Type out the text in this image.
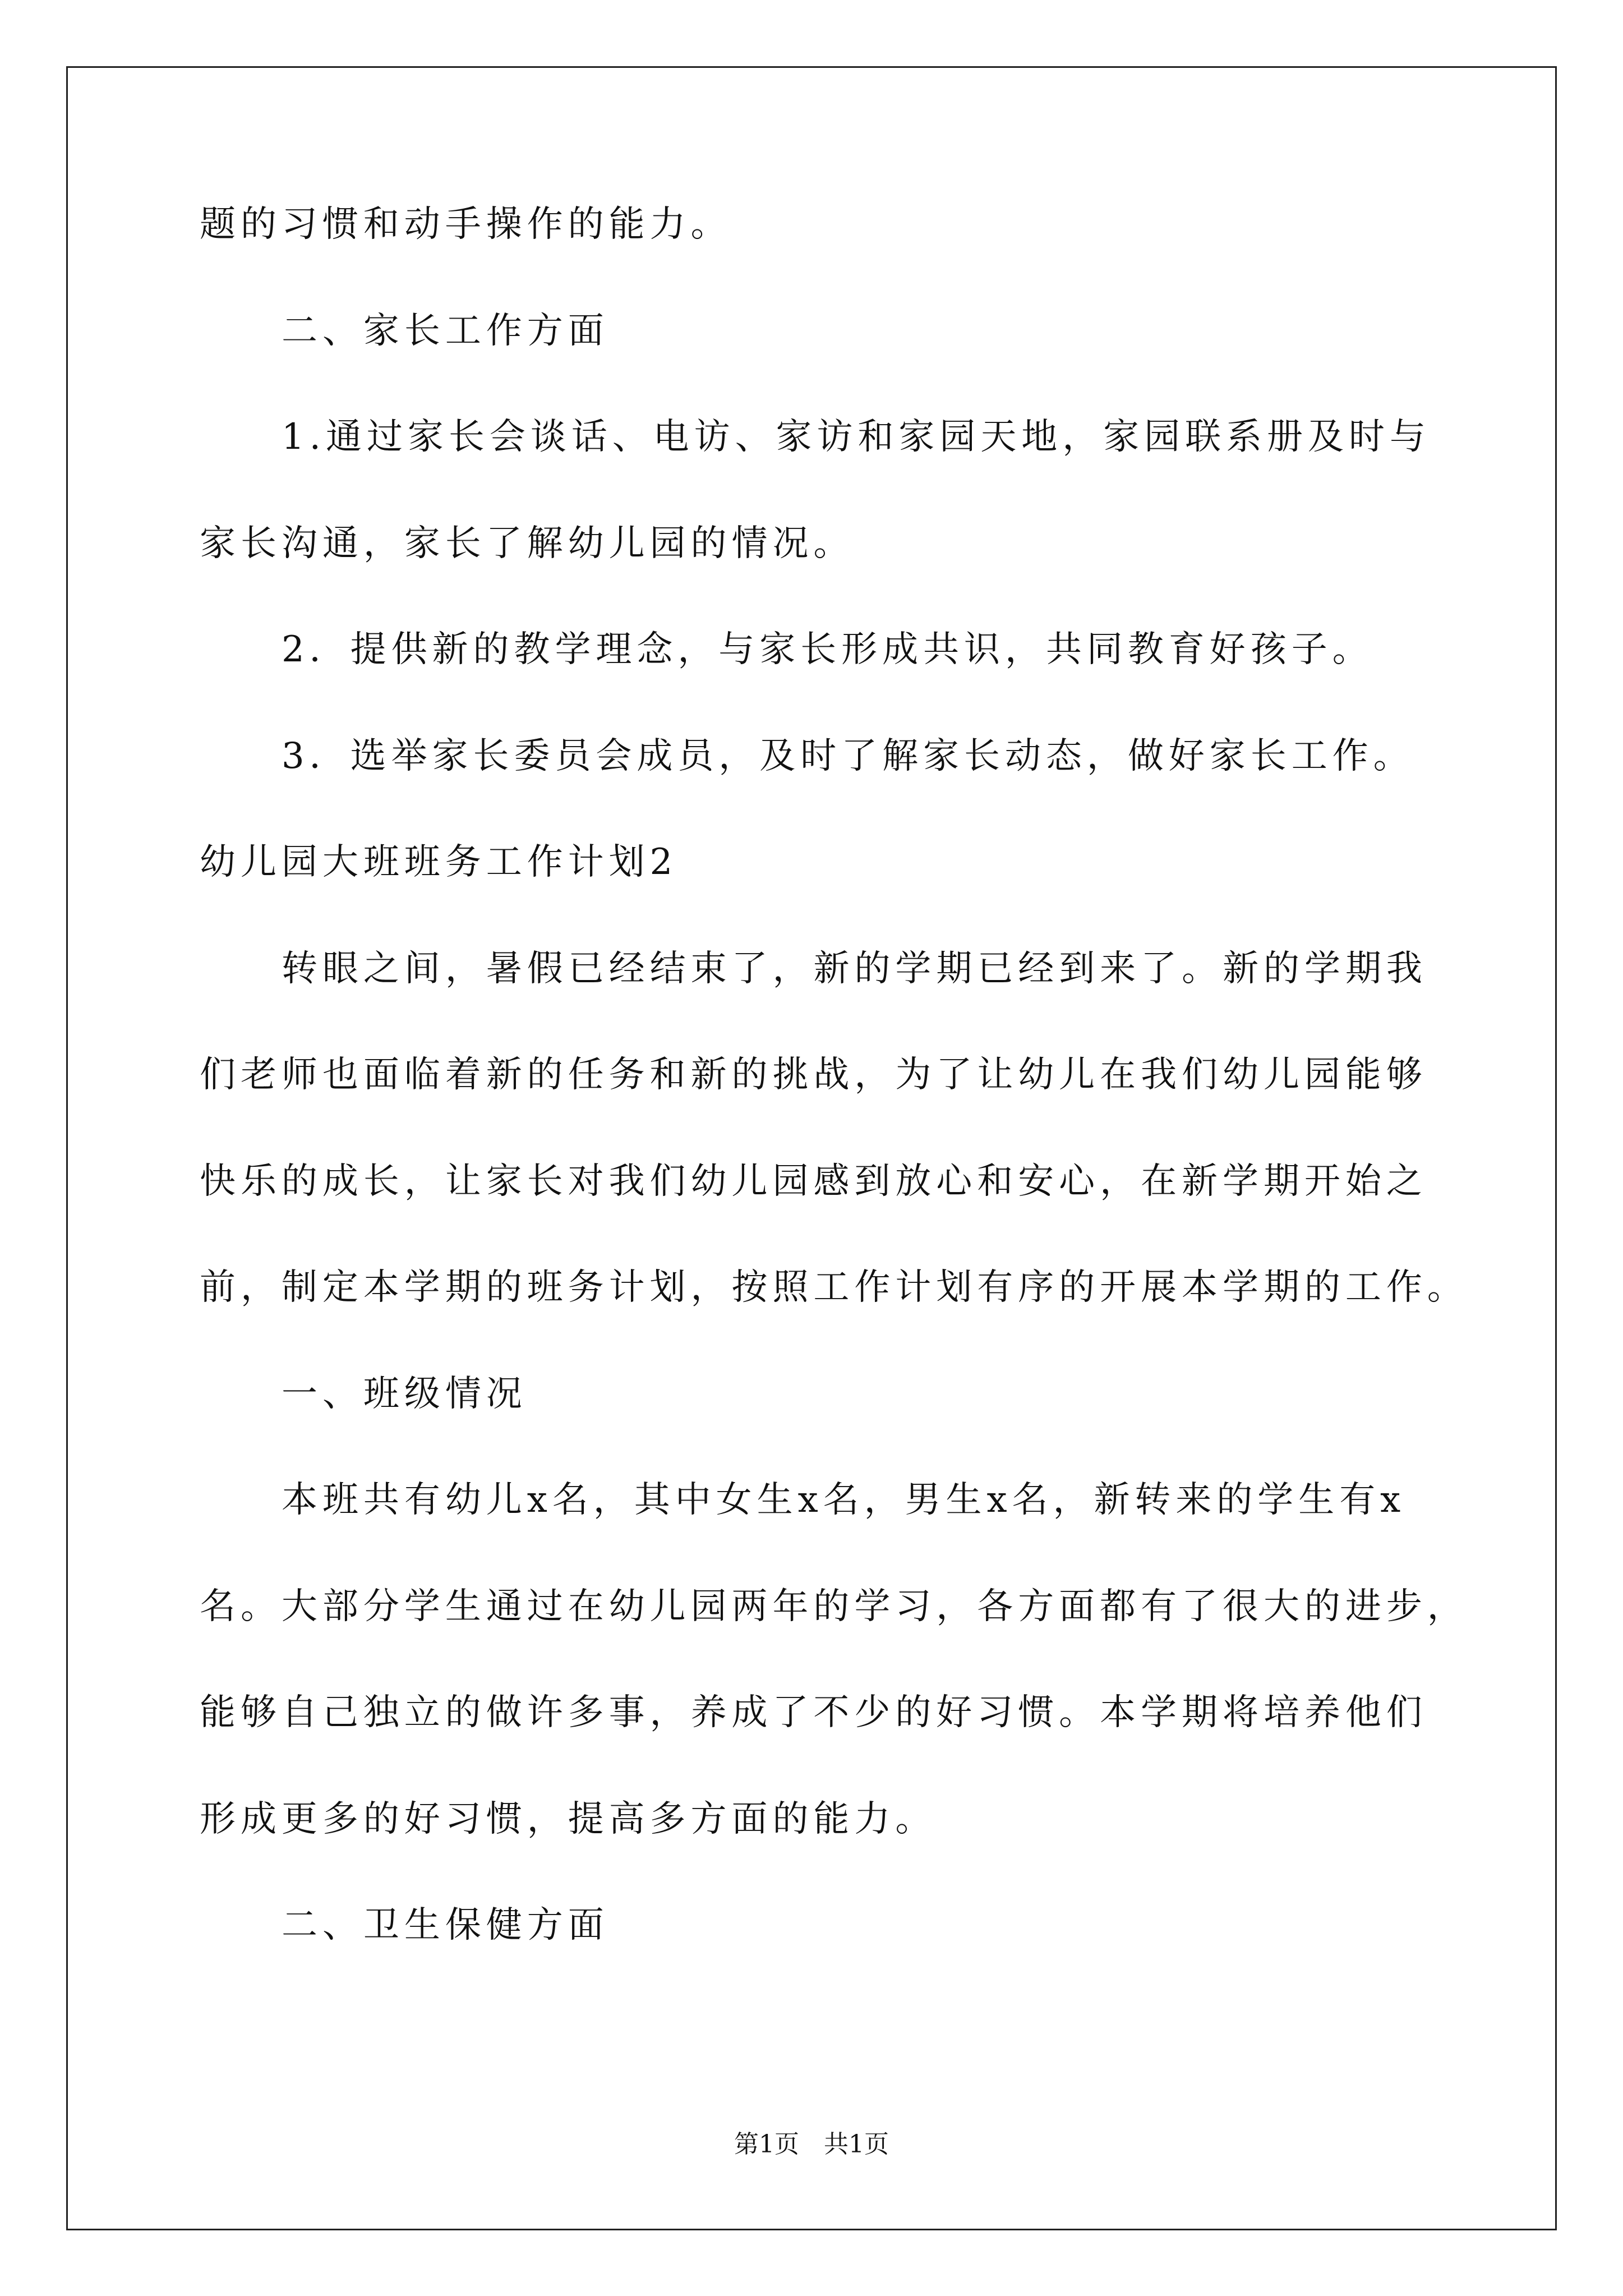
题的习惯和动手操作的能力。

二、家长工作方面

1.通过家长会谈话、电访、家访和家园天地，家园联系册及时与

家长沟通，家长了解幼儿园的情况。

2．提供新的教学理念，与家长形成共识，共同教育好孩子。

3．选举家长委员会成员，及时了解家长动态，做好家长工作。

幼儿园大班班务工作计划2

转眼之间，暑假已经结束了，新的学期已经到来了。新的学期我

们老师也面临着新的任务和新的挑战，为了让幼儿在我们幼儿园能够

快乐的成长，让家长对我们幼儿园感到放心和安心，在新学期开始之

前，制定本学期的班务计划，按照工作计划有序的开展本学期的工作。

一、班级情况

本班共有幼儿x名，其中女生x名，男生x名，新转来的学生有x

名。大部分学生通过在幼儿园两年的学习，各方面都有了很大的进步，

能够自己独立的做许多事，养成了不少的好习惯。本学期将培养他们

形成更多的好习惯，提高多方面的能力。

二、卫生保健方面

第1页　共1页
